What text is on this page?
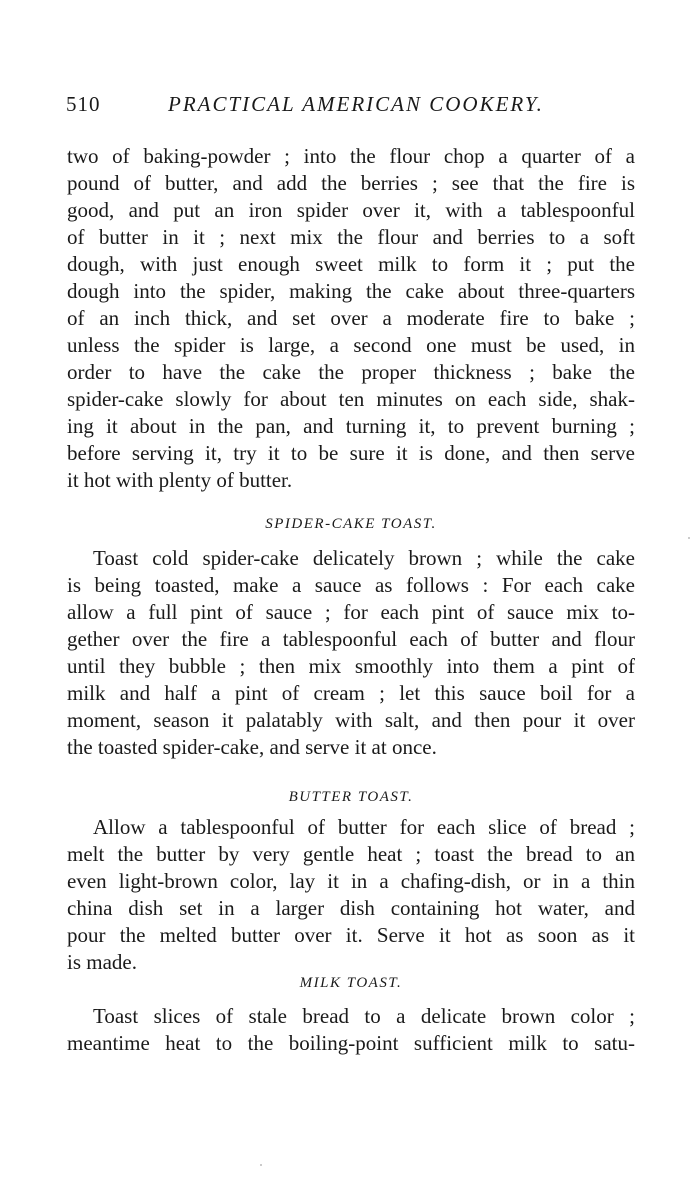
510	PRACTICAL AMERICAN COOKERY.
two of baking-powder ; into the flour chop a quarter of a
pound of butter, and add the berries ; see that the fire is
good, and put an iron spider over it, with a tablespoonful
of butter in it ; next mix the flour and berries to a soft
dough, with just enough sweet milk to form it ; put the
dough into the spider, making the cake about three-quarters
of an inch thick, and set over a moderate fire to bake ;
unless the spider is large, a second one must be used, in
order to have the cake the proper thickness ; bake the
spider-cake slowly for about ten minutes on each side, shak-
ing it about in the pan, and turning it, to prevent burning ;
before serving it, try it to be sure it is done, and then serve
it hot with plenty of butter.
SPIDER-CAKE TOAST.
Toast cold spider-cake delicately brown ; while the cake
is being toasted, make a sauce as follows : For each cake
allow a full pint of sauce ; for each pint of sauce mix to-
gether over the fire a tablespoonful each of butter and flour
until they bubble ; then mix smoothly into them a pint of
milk and half a pint of cream ; let this sauce boil for a
moment, season it palatably with salt, and then pour it over
the toasted spider-cake, and serve it at once.
BUTTER TOAST.
Allow a tablespoonful of butter for each slice of bread ;
melt the butter by very gentle heat ; toast the bread to an
even light-brown color, lay it in a chafing-dish, or in a thin
china dish set in a larger dish containing hot water, and
pour the melted butter over it. Serve it hot as soon as it
is made.
MILK TOAST.
Toast slices of stale bread to a delicate brown color ;
meantime heat to the boiling-point sufficient milk to satu-
